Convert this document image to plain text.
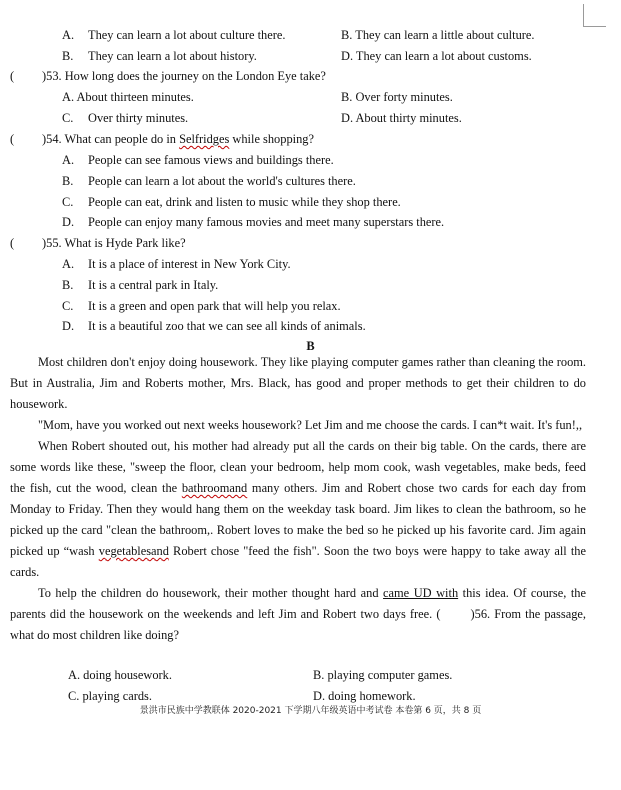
A. They can learn a lot about culture there.	B. They can learn a little about culture.
B. They can learn a lot about history.	D. They can learn a lot about customs.
( )53. How long does the journey on the London Eye take?
A. About thirteen minutes.	B. Over forty minutes.
C. Over thirty minutes.	D. About thirty minutes.
( )54. What can people do in Selfridges while shopping?
A. People can see famous views and buildings there.
B. People can learn a lot about the world's cultures there.
C. People can eat, drink and listen to music while they shop there.
D. People can enjoy many famous movies and meet many superstars there.
( )55. What is Hyde Park like?
A. It is a place of interest in New York City.
B. It is a central park in Italy.
C. It is a green and open park that will help you relax.
D. It is a beautiful zoo that we can see all kinds of animals.
B

Most children don't enjoy doing housework. They like playing computer games rather than cleaning the room. But in Australia, Jim and Roberts mother, Mrs. Black, has good and proper methods to get their children to do housework.

"Mom, have you worked out next weeks housework? Let Jim and me choose the cards. I can*t wait. It's fun!,,

When Robert shouted out, his mother had already put all the cards on their big table. On the cards, there are some words like these, "sweep the floor, clean your bedroom, help mom cook, wash vegetables, make beds, feed the fish, cut the wood, clean the bathroomand many others. Jim and Robert chose two cards for each day from Monday to Friday. Then they would hang them on the weekday task board. Jim likes to clean the bathroom, so he picked up the card "clean the bathroom,. Robert loves to make the bed so he picked up his favorite card. Jim again picked up “wash vegetablesand Robert chose "feed the fish". Soon the two boys were happy to take away all the cards.

To help the children do housework, their mother thought hard and came UD with this idea. Of course, the parents did the housework on the weekends and left Jim and Robert two days free. ( )56. From the passage, what do most children like doing?

A. doing housework.	B. playing computer games.
C. playing cards.	D. doing homework.
景洪市民族中学教联体 2020-2021 下学期八年级英语中考试卷 本卷第 6 页，共 8 页
